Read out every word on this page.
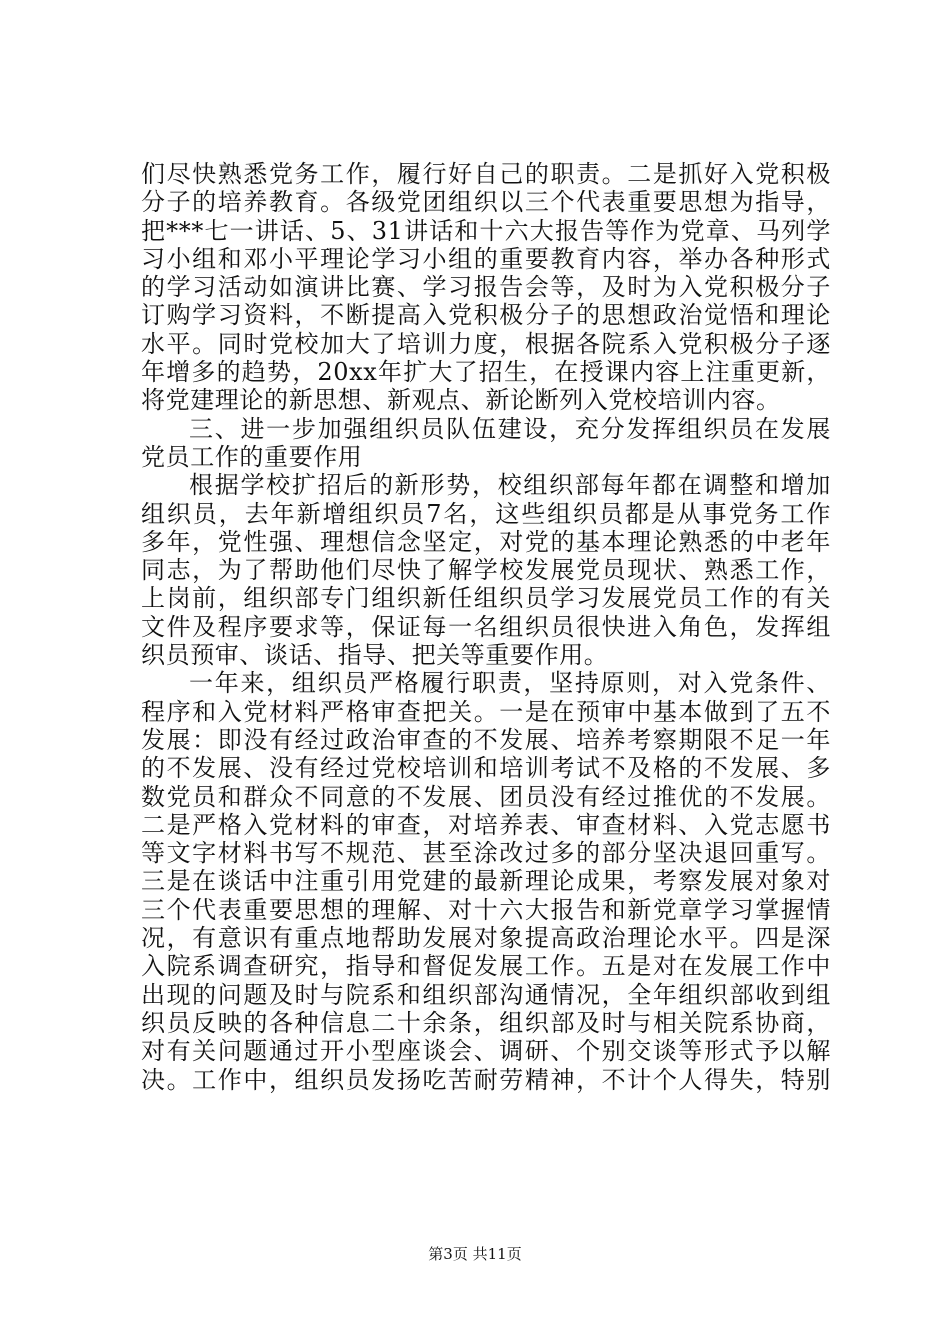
们尽快熟悉党务工作，履行好自己的职责。二是抓好入党积极
分子的培养教育。各级党团组织以三个代表重要思想为指导，
把***七一讲话、5、31讲话和十六大报告等作为党章、马列学
习小组和邓小平理论学习小组的重要教育内容，举办各种形式
的学习活动如演讲比赛、学习报告会等，及时为入党积极分子
订购学习资料，不断提高入党积极分子的思想政治觉悟和理论
水平。同时党校加大了培训力度，根据各院系入党积极分子逐
年增多的趋势，20xx年扩大了招生，在授课内容上注重更新，
将党建理论的新思想、新观点、新论断列入党校培训内容。
三、进一步加强组织员队伍建设，充分发挥组织员在发展
党员工作的重要作用
根据学校扩招后的新形势，校组织部每年都在调整和增加
组织员，去年新增组织员7名，这些组织员都是从事党务工作
多年，党性强、理想信念坚定，对党的基本理论熟悉的中老年
同志，为了帮助他们尽快了解学校发展党员现状、熟悉工作，
上岗前，组织部专门组织新任组织员学习发展党员工作的有关
文件及程序要求等，保证每一名组织员很快进入角色，发挥组
织员预审、谈话、指导、把关等重要作用。
一年来，组织员严格履行职责，坚持原则，对入党条件、
程序和入党材料严格审查把关。一是在预审中基本做到了五不
发展：即没有经过政治审查的不发展、培养考察期限不足一年
的不发展、没有经过党校培训和培训考试不及格的不发展、多
数党员和群众不同意的不发展、团员没有经过推优的不发展。
二是严格入党材料的审查，对培养表、审查材料、入党志愿书
等文字材料书写不规范、甚至涂改过多的部分坚决退回重写。
三是在谈话中注重引用党建的最新理论成果，考察发展对象对
三个代表重要思想的理解、对十六大报告和新党章学习掌握情
况，有意识有重点地帮助发展对象提高政治理论水平。四是深
入院系调查研究，指导和督促发展工作。五是对在发展工作中
出现的问题及时与院系和组织部沟通情况，全年组织部收到组
织员反映的各种信息二十余条，组织部及时与相关院系协商，
对有关问题通过开小型座谈会、调研、个别交谈等形式予以解
决。工作中，组织员发扬吃苦耐劳精神，不计个人得失，特别
第3页 共11页
